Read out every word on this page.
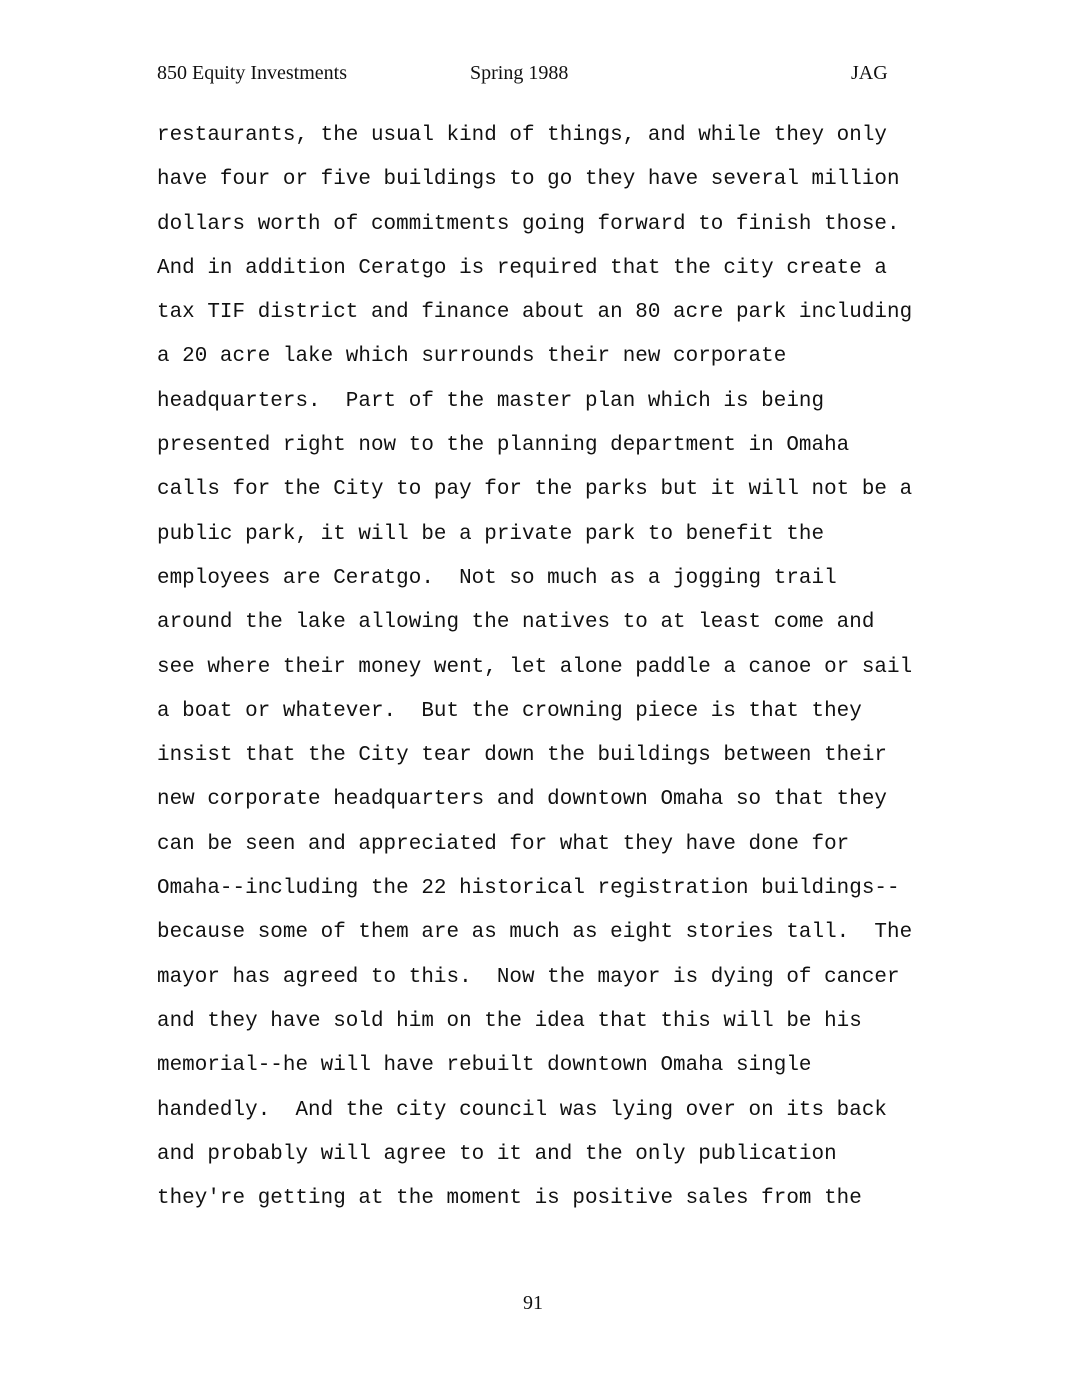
850 Equity Investments	Spring 1988	JAG
restaurants, the usual kind of things, and while they only
have four or five buildings to go they have several million
dollars worth of commitments going forward to finish those.
And in addition Ceratgo is required that the city create a
tax TIF district and finance about an 80 acre park including
a 20 acre lake which surrounds their new corporate
headquarters.  Part of the master plan which is being
presented right now to the planning department in Omaha
calls for the City to pay for the parks but it will not be a
public park, it will be a private park to benefit the
employees are Ceratgo.  Not so much as a jogging trail
around the lake allowing the natives to at least come and
see where their money went, let alone paddle a canoe or sail
a boat or whatever.  But the crowning piece is that they
insist that the City tear down the buildings between their
new corporate headquarters and downtown Omaha so that they
can be seen and appreciated for what they have done for
Omaha--including the 22 historical registration buildings--
because some of them are as much as eight stories tall.  The
mayor has agreed to this.  Now the mayor is dying of cancer
and they have sold him on the idea that this will be his
memorial--he will have rebuilt downtown Omaha single
handedly.  And the city council was lying over on its back
and probably will agree to it and the only publication
they're getting at the moment is positive sales from the
91
